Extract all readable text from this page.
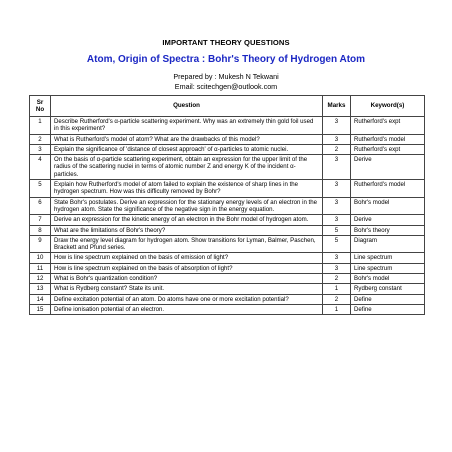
IMPORTANT THEORY QUESTIONS
Atom, Origin of Spectra : Bohr's Theory of Hydrogen Atom
Prepared by : Mukesh N Tekwani
Email: scitechgen@outlook.com
Sr No	Question	Marks	Keyword(s)
1	Describe Rutherford's α-particle scattering experiment. Why was an extremely thin gold foil used in this experiment?	3	Rutherford's expt
2	What is Rutherford's model of atom? What are the drawbacks of this model?	3	Rutherford's model
3	Explain the significance of 'distance of closest approach' of α-particles to atomic nuclei.	2	Rutherford's expt
4	On the basis of α-particle scattering experiment, obtain an expression for the upper limit of the radius of the scattering nuclei in terms of atomic number Z and energy K of the incident α-particles.	3	Derive
5	Explain how Rutherford's model of atom failed to explain the existence of sharp lines in the hydrogen spectrum. How was this difficulty removed by Bohr?	3	Rutherford's model
6	State Bohr's postulates. Derive an expression for the stationary energy levels of an electron in the hydrogen atom. State the significance of the negative sign in the energy equation.	3	Bohr's model
7	Derive an expression for the kinetic energy of an electron in the Bohr model of hydrogen atom.	3	Derive
8	What are the limitations of Bohr's theory?	5	Bohr's theory
9	Draw the energy level diagram for hydrogen atom. Show transitions for Lyman, Balmer, Paschen, Brackett and Pfund series.	5	Diagram
10	How is line spectrum explained on the basis of emission of light?	3	Line spectrum
11	How is line spectrum explained on the basis of absorption of light?	3	Line spectrum
12	What is Bohr's quantization condition?	2	Bohr's model
13	What is Rydberg constant? State its unit.	1	Rydberg constant
14	Define excitation potential of an atom. Do atoms have one or more excitation potential?	2	Define
15	Define ionisation potential of an electron.	1	Define
